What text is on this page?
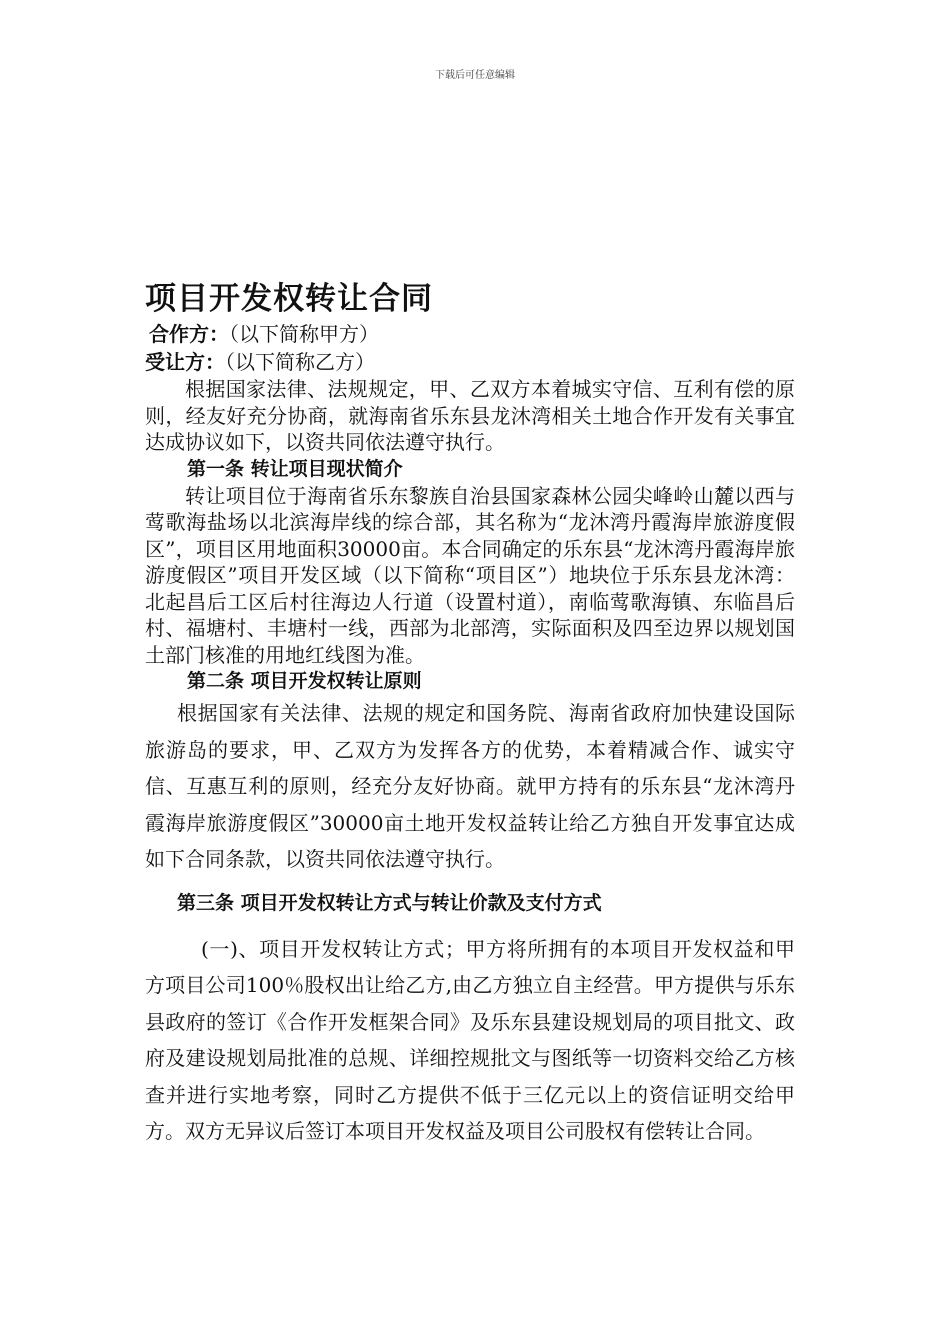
下载后可任意编辑
项目开发权转让合同

合作方：（以下简称甲方）

受让方：（以下简称乙方）

根据国家法律、法规规定，甲、乙双方本着城实守信、互利有偿的原则，经友好充分协商，就海南省乐东县龙沐湾相关土地合作开发有关事宜达成协议如下，以资共同依法遵守执行。

第一条 转让项目现状简介

转让项目位于海南省乐东黎族自治县国家森林公园尖峰岭山麓以西与莺歌海盐场以北滨海岸线的综合部，其名称为“龙沐湾丹霞海岸旅游度假区”，项目区用地面积30000亩。本合同确定的乐东县“龙沐湾丹霞海岸旅游度假区”项目开发区域（以下简称“项目区”）地块位于乐东县龙沐湾：北起昌后工区后村往海边人行道（设置村道），南临莺歌海镇、东临昌后村、福塘村、丰塘村一线，西部为北部湾，实际面积及四至边界以规划国土部门核准的用地红线图为准。

第二条 项目开发权转让原则

根据国家有关法律、法规的规定和国务院、海南省政府加快建设国际旅游岛的要求，甲、乙双方为发挥各方的优势，本着精减合作、诚实守信、互惠互利的原则，经充分友好协商。就甲方持有的乐东县“龙沐湾丹霞海岸旅游度假区”30000亩土地开发权益转让给乙方独自开发事宜达成如下合同条款，以资共同依法遵守执行。

第三条 项目开发权转让方式与转让价款及支付方式

(一)、项目开发权转让方式；甲方将所拥有的本项目开发权益和甲方项目公司100％股权出让给乙方,由乙方独立自主经营。甲方提供与乐东县政府的签订《合作开发框架合同》及乐东县建设规划局的项目批文、政府及建设规划局批准的总规、详细控规批文与图纸等一切资料交给乙方核查并进行实地考察，同时乙方提供不低于三亿元以上的资信证明交给甲方。双方无异议后签订本项目开发权益及项目公司股权有偿转让合同。
